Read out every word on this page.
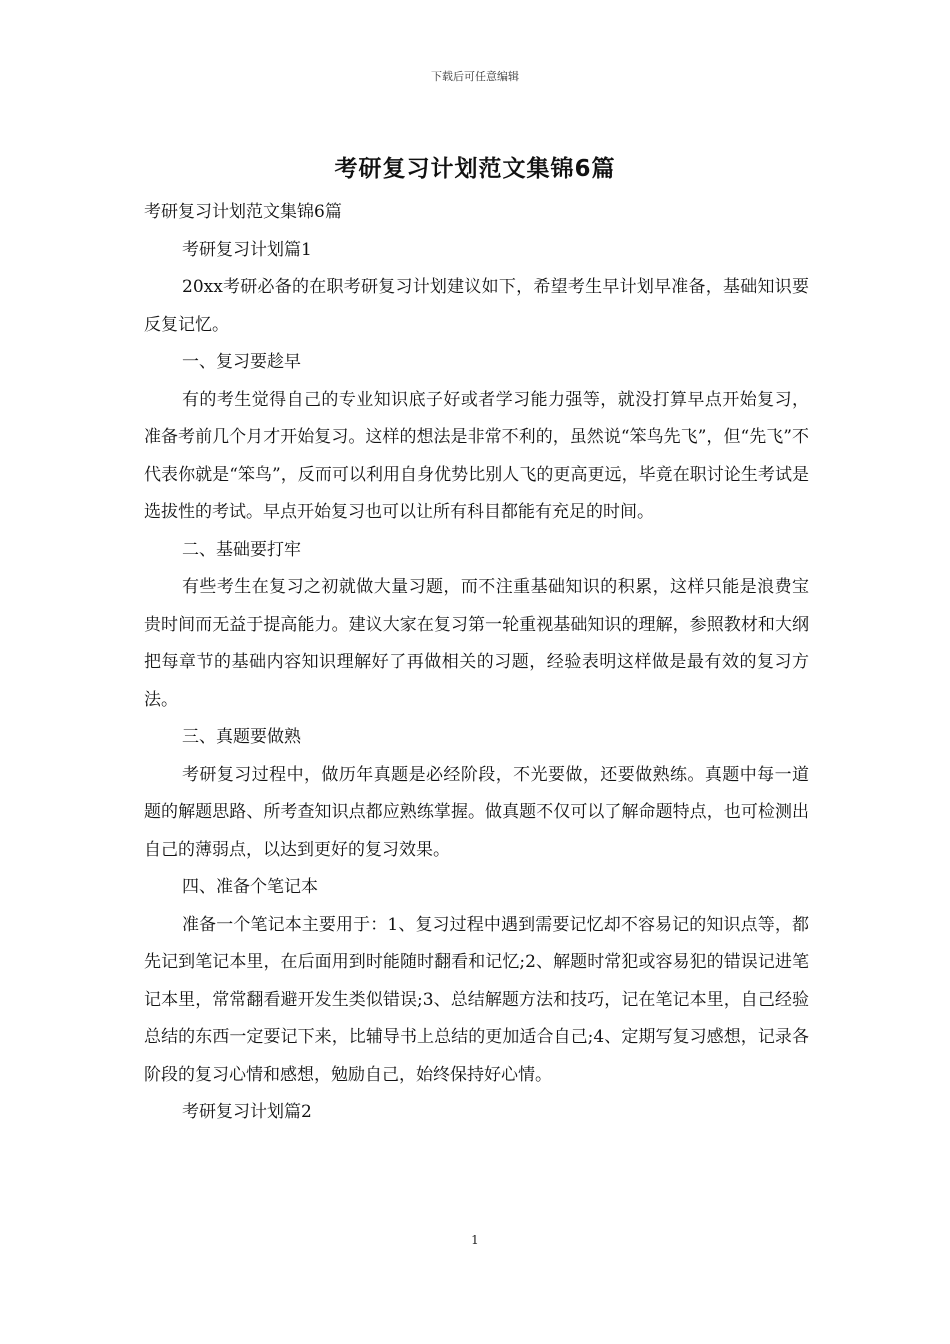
下载后可任意编辑
考研复习计划范文集锦6篇

考研复习计划范文集锦6篇

考研复习计划篇1

20xx考研必备的在职考研复习计划建议如下，希望考生早计划早准备，基础知识要反复记忆。

一、复习要趁早

有的考生觉得自己的专业知识底子好或者学习能力强等，就没打算早点开始复习，准备考前几个月才开始复习。这样的想法是非常不利的，虽然说“笨鸟先飞”，但“先飞”不代表你就是“笨鸟”，反而可以利用自身优势比别人飞的更高更远，毕竟在职讨论生考试是选拔性的考试。早点开始复习也可以让所有科目都能有充足的时间。

二、基础要打牢

有些考生在复习之初就做大量习题，而不注重基础知识的积累，这样只能是浪费宝贵时间而无益于提高能力。建议大家在复习第一轮重视基础知识的理解，参照教材和大纲把每章节的基础内容知识理解好了再做相关的习题，经验表明这样做是最有效的复习方法。

三、真题要做熟

考研复习过程中，做历年真题是必经阶段，不光要做，还要做熟练。真题中每一道题的解题思路、所考查知识点都应熟练掌握。做真题不仅可以了解命题特点，也可检测出自己的薄弱点，以达到更好的复习效果。

四、准备个笔记本

准备一个笔记本主要用于：1、复习过程中遇到需要记忆却不容易记的知识点等，都先记到笔记本里，在后面用到时能随时翻看和记忆;2、解题时常犯或容易犯的错误记进笔记本里，常常翻看避开发生类似错误;3、总结解题方法和技巧，记在笔记本里，自己经验总结的东西一定要记下来，比辅导书上总结的更加适合自己;4、定期写复习感想，记录各阶段的复习心情和感想，勉励自己，始终保持好心情。

考研复习计划篇2

1
